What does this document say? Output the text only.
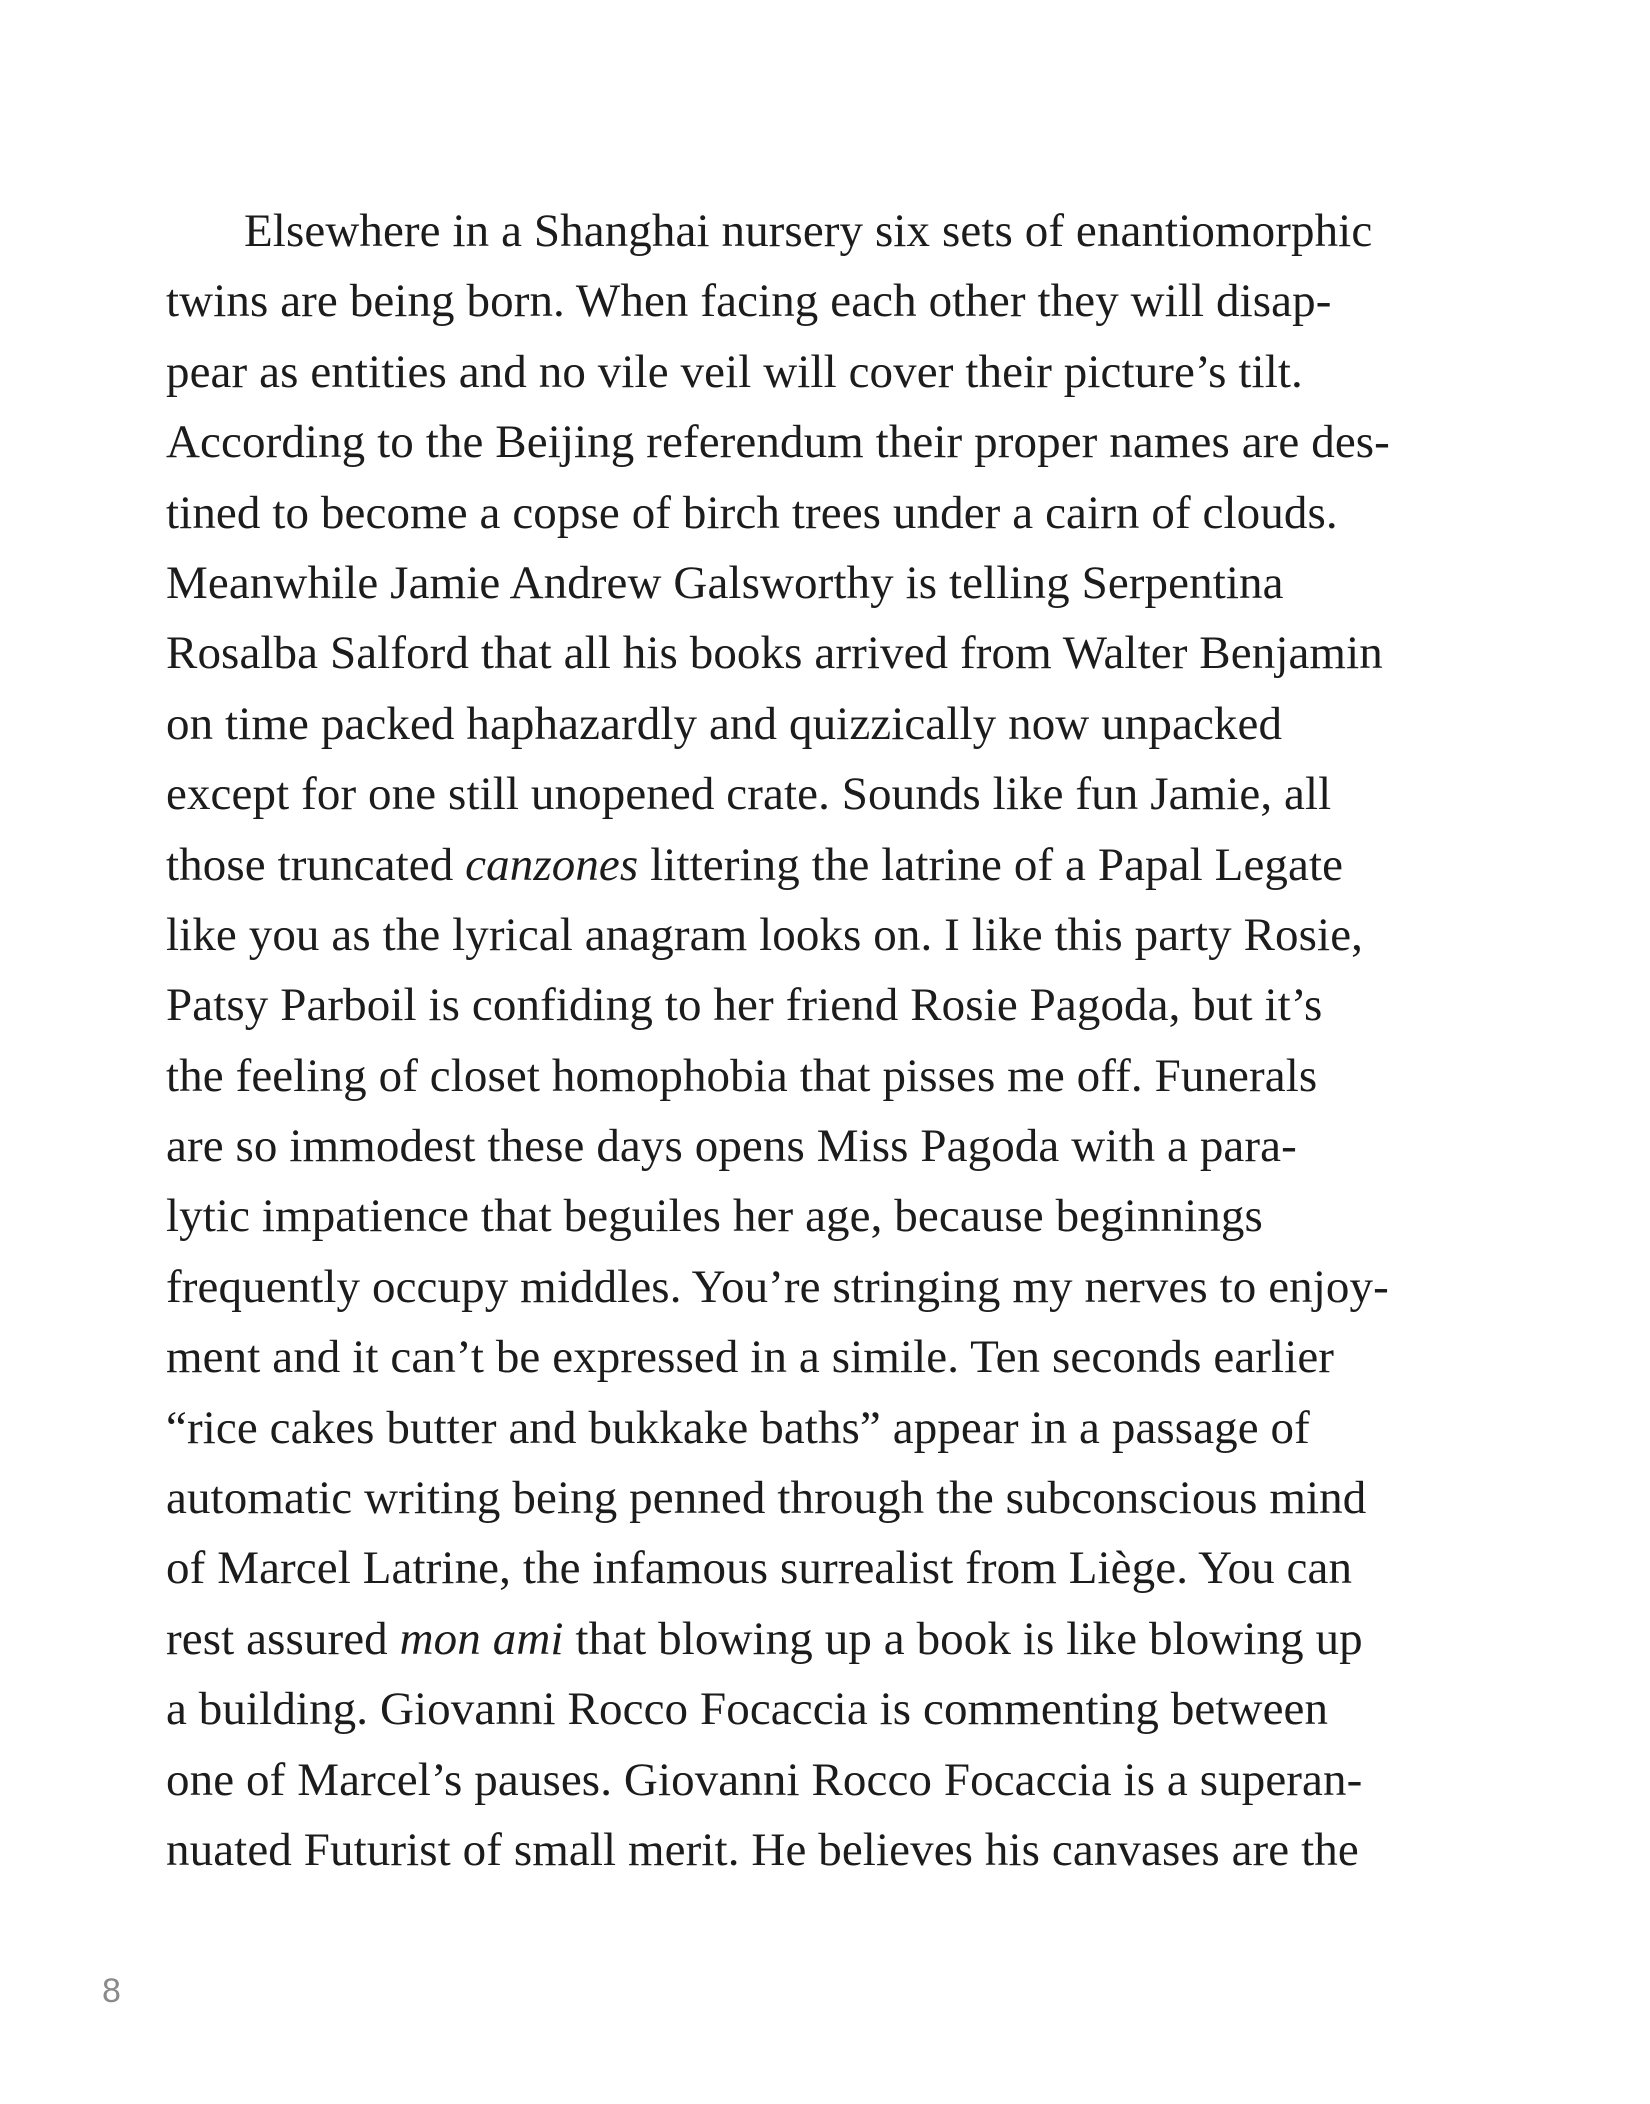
Elsewhere in a Shanghai nursery six sets of enantiomorphic
twins are being born. When facing each other they will disap-
pear as entities and no vile veil will cover their picture’s tilt.
According to the Beijing referendum their proper names are des-
tined to become a copse of birch trees under a cairn of clouds.
Meanwhile Jamie Andrew Galsworthy is telling Serpentina
Rosalba Salford that all his books arrived from Walter Benjamin
on time packed haphazardly and quizzically now unpacked
except for one still unopened crate. Sounds like fun Jamie, all
those truncated canzones littering the latrine of a Papal Legate
like you as the lyrical anagram looks on. I like this party Rosie,
Patsy Parboil is confiding to her friend Rosie Pagoda, but it’s
the feeling of closet homophobia that pisses me off. Funerals
are so immodest these days opens Miss Pagoda with a para-
lytic impatience that beguiles her age, because beginnings
frequently occupy middles. You’re stringing my nerves to enjoy-
ment and it can’t be expressed in a simile. Ten seconds earlier
“rice cakes butter and bukkake baths” appear in a passage of
automatic writing being penned through the subconscious mind
of Marcel Latrine, the infamous surrealist from Liège. You can
rest assured mon ami that blowing up a book is like blowing up
a building. Giovanni Rocco Focaccia is commenting between
one of Marcel’s pauses. Giovanni Rocco Focaccia is a superan-
nuated Futurist of small merit. He believes his canvases are the
8
